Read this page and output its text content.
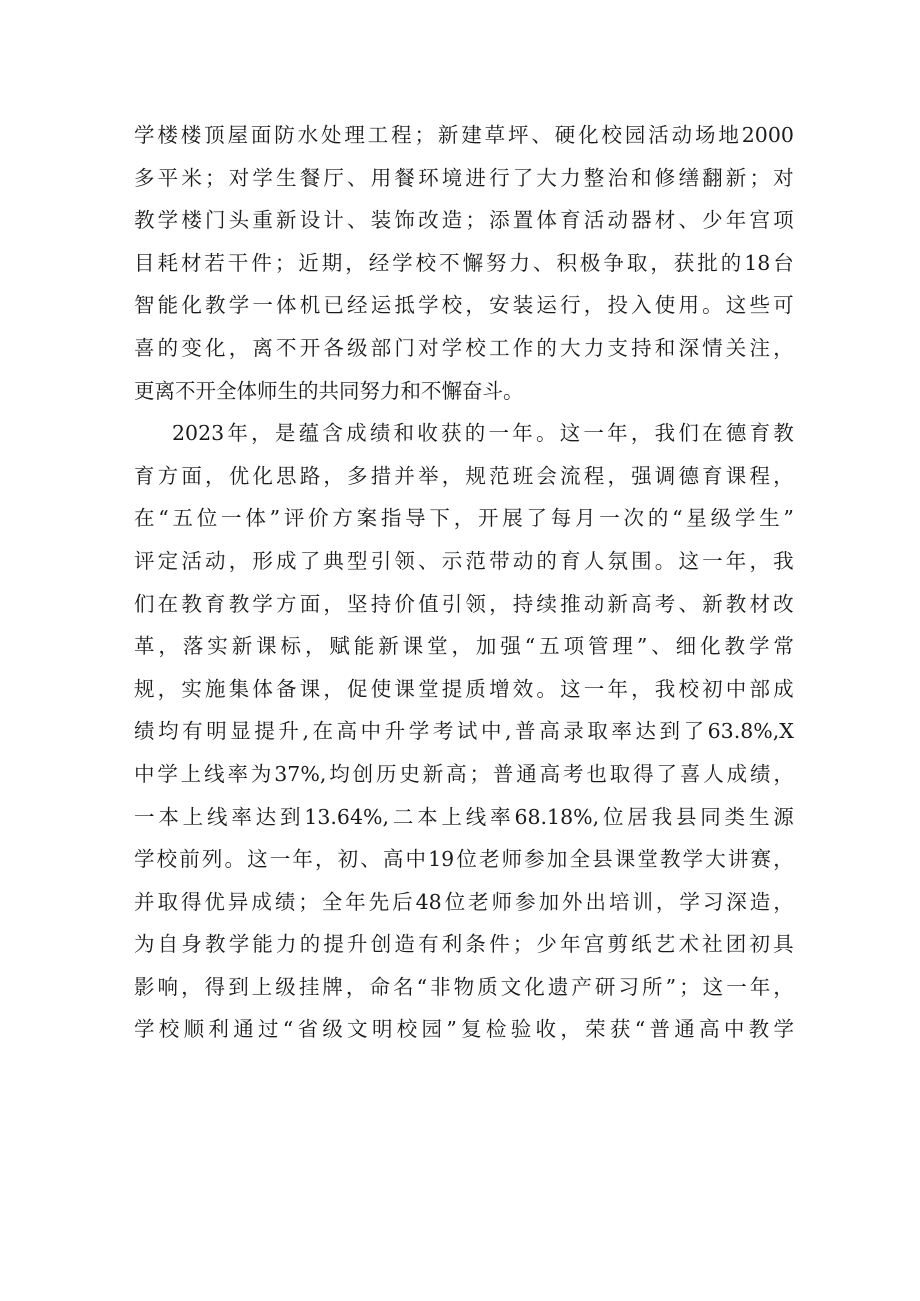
学 楼 楼 顶 屋 面 防 水 处 理 工 程 ； 新 建 草 坪 、 硬 化 校 园 活 动 场 地 2000
多 平 米 ； 对 学 生 餐 厅 、 用 餐 环 境 进 行 了 大 力 整 治 和 修 缮 翻 新 ； 对
教 学 楼 门 头 重 新 设 计 、 装 饰 改 造 ； 添 置 体 育 活 动 器 材 、 少 年 宫 项
目 耗 材 若 干 件 ； 近 期 ， 经 学 校 不 懈 努 力 、 积 极 争 取 ， 获 批 的 18 台
智 能 化 教 学 一 体 机 已 经 运 抵 学 校 ， 安 装 运 行 ， 投 入 使 用 。 这 些 可
喜 的 变 化 ， 离 不 开 各 级 部 门 对 学 校 工 作 的 大 力 支 持 和 深 情 关 注 ，
更 离 不 开 全 体 师 生 的 共 同 努 力 和 不 懈 奋 斗 。
2023 年 ， 是 蕴 含 成 绩 和 收 获 的 一 年 。 这 一 年 ， 我 们 在 德 育 教
育 方 面 ， 优 化 思 路 ， 多 措 并 举 ， 规 范 班 会 流 程 ， 强 调 德 育 课 程 ，
在 “ 五 位 一 体 ” 评 价 方 案 指 导 下 ， 开 展 了 每 月 一 次 的 “ 星 级 学 生 ”
评 定 活 动 ， 形 成 了 典 型 引 领 、 示 范 带 动 的 育 人 氛 围 。 这 一 年 ， 我
们 在 教 育 教 学 方 面 ， 坚 持 价 值 引 领 ， 持 续 推 动 新 高 考 、 新 教 材 改
革 ， 落 实 新 课 标 ， 赋 能 新 课 堂 ， 加 强 “ 五 项 管 理 ” 、 细 化 教 学 常
规 ， 实 施 集 体 备 课 ， 促 使 课 堂 提 质 增 效 。 这 一 年 ， 我 校 初 中 部 成
绩 均 有 明 显 提 升 , 在 高 中 升 学 考 试 中 , 普 高 录 取 率 达 到 了 63.8%,X
中 学 上 线 率 为 37%, 均 创 历 史 新 高 ； 普 通 高 考 也 取 得 了 喜 人 成 绩 ，
一 本 上 线 率 达 到 13.64%, 二 本 上 线 率 68.18%, 位 居 我 县 同 类 生 源
学 校 前 列 。 这 一 年 ， 初 、 高 中 19 位 老 师 参 加 全 县 课 堂 教 学 大 讲 赛 ，
并 取 得 优 异 成 绩 ； 全 年 先 后 48 位 老 师 参 加 外 出 培 训 ， 学 习 深 造 ，
为 自 身 教 学 能 力 的 提 升 创 造 有 利 条 件 ； 少 年 宫 剪 纸 艺 术 社 团 初 具
影 响 ， 得 到 上 级 挂 牌 ， 命 名 “ 非 物 质 文 化 遗 产 研 习 所 ” ； 这 一 年 ，
学 校 顺 利 通 过 “ 省 级 文 明 校 园 ” 复 检 验 收 ， 荣 获 “ 普 通 高 中 教 学
